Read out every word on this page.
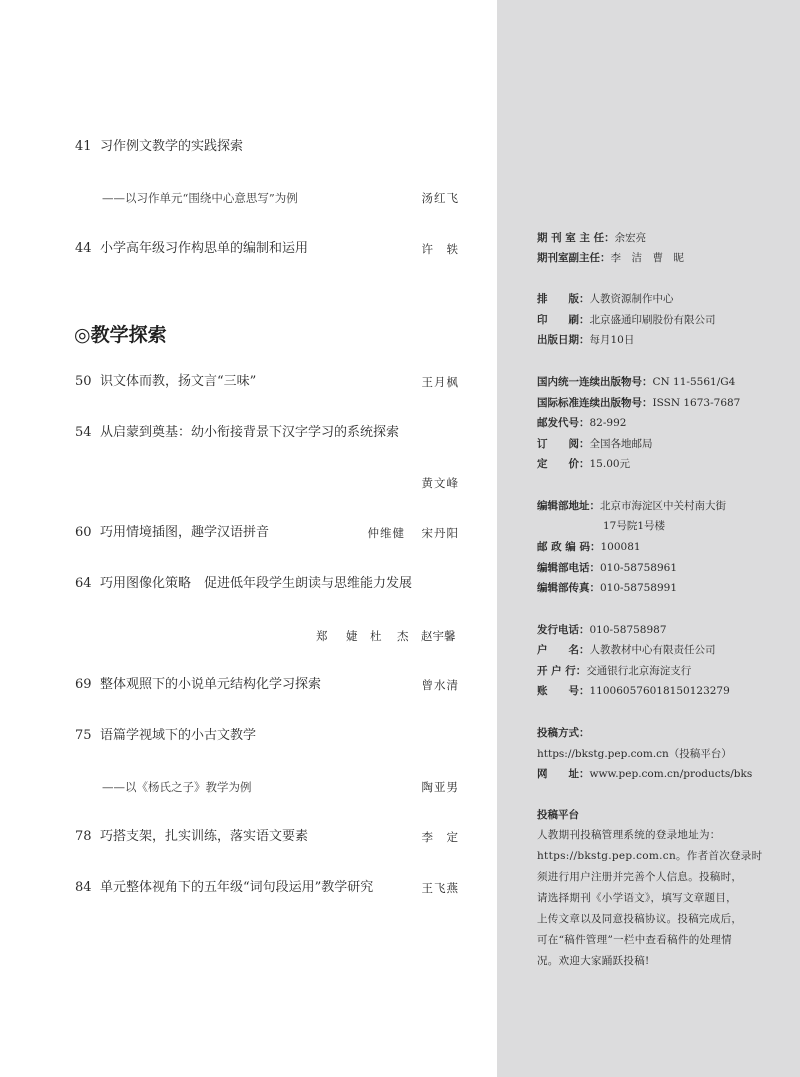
41 习作例文教学的实践探索
——以习作单元“围绕中心意思写”为例	汤红飞
44 小学高年级习作构思单的编制和运用	许　轶
◎教学探索
50 识文体而教，扬文言“三味”	王月枫
54 从启蒙到奠基：幼小衔接背景下汉字学习的系统探索
黄文峰
60 巧用情境插图，趣学汉语拼音	仲维健 宋丹阳
64 巧用图像化策略　促进低年段学生朗读与思维能力发展
郑 婕 杜 杰 赵宇馨
69 整体观照下的小说单元结构化学习探索	曾水清
75 语篇学视域下的小古文教学
——以《杨氏之子》教学为例	陶亚男
78 巧搭支架，扎实训练，落实语文要素	李　定
84 单元整体视角下的五年级“词句段运用”教学研究	王飞燕
期 刊 室 主 任：余宏亮
期刊室副主任：李　洁　曹　昵
排　　版：人教资源制作中心
印　　刷：北京盛通印刷股份有限公司
出版日期：每月10日
国内统一连续出版物号：CN 11-5561/G4
国际标准连续出版物号：ISSN 1673-7687
邮发代号：82-992
订　　阅：全国各地邮局
定　　价：15.00元
编辑部地址：北京市海淀区中关村南大街
17号院1号楼
邮 政 编 码：100081
编辑部电话：010-58758961
编辑部传真：010-58758991
发行电话：010-58758987
户　　名：人教教材中心有限责任公司
开 户 行：交通银行北京海淀支行
账　　号：110060576018150123279
投稿方式：
https://bkstg.pep.com.cn（投稿平台）
网　　址：www.pep.com.cn/products/bks
投稿平台
人教期刊投稿管理系统的登录地址为：
https://bkstg.pep.com.cn。作者首次登录时
须进行用户注册并完善个人信息。投稿时，
请选择期刊《小学语文》，填写文章题目，
上传文章以及同意投稿协议。投稿完成后，
可在“稿件管理”一栏中查看稿件的处理情
况。欢迎大家踊跃投稿!
